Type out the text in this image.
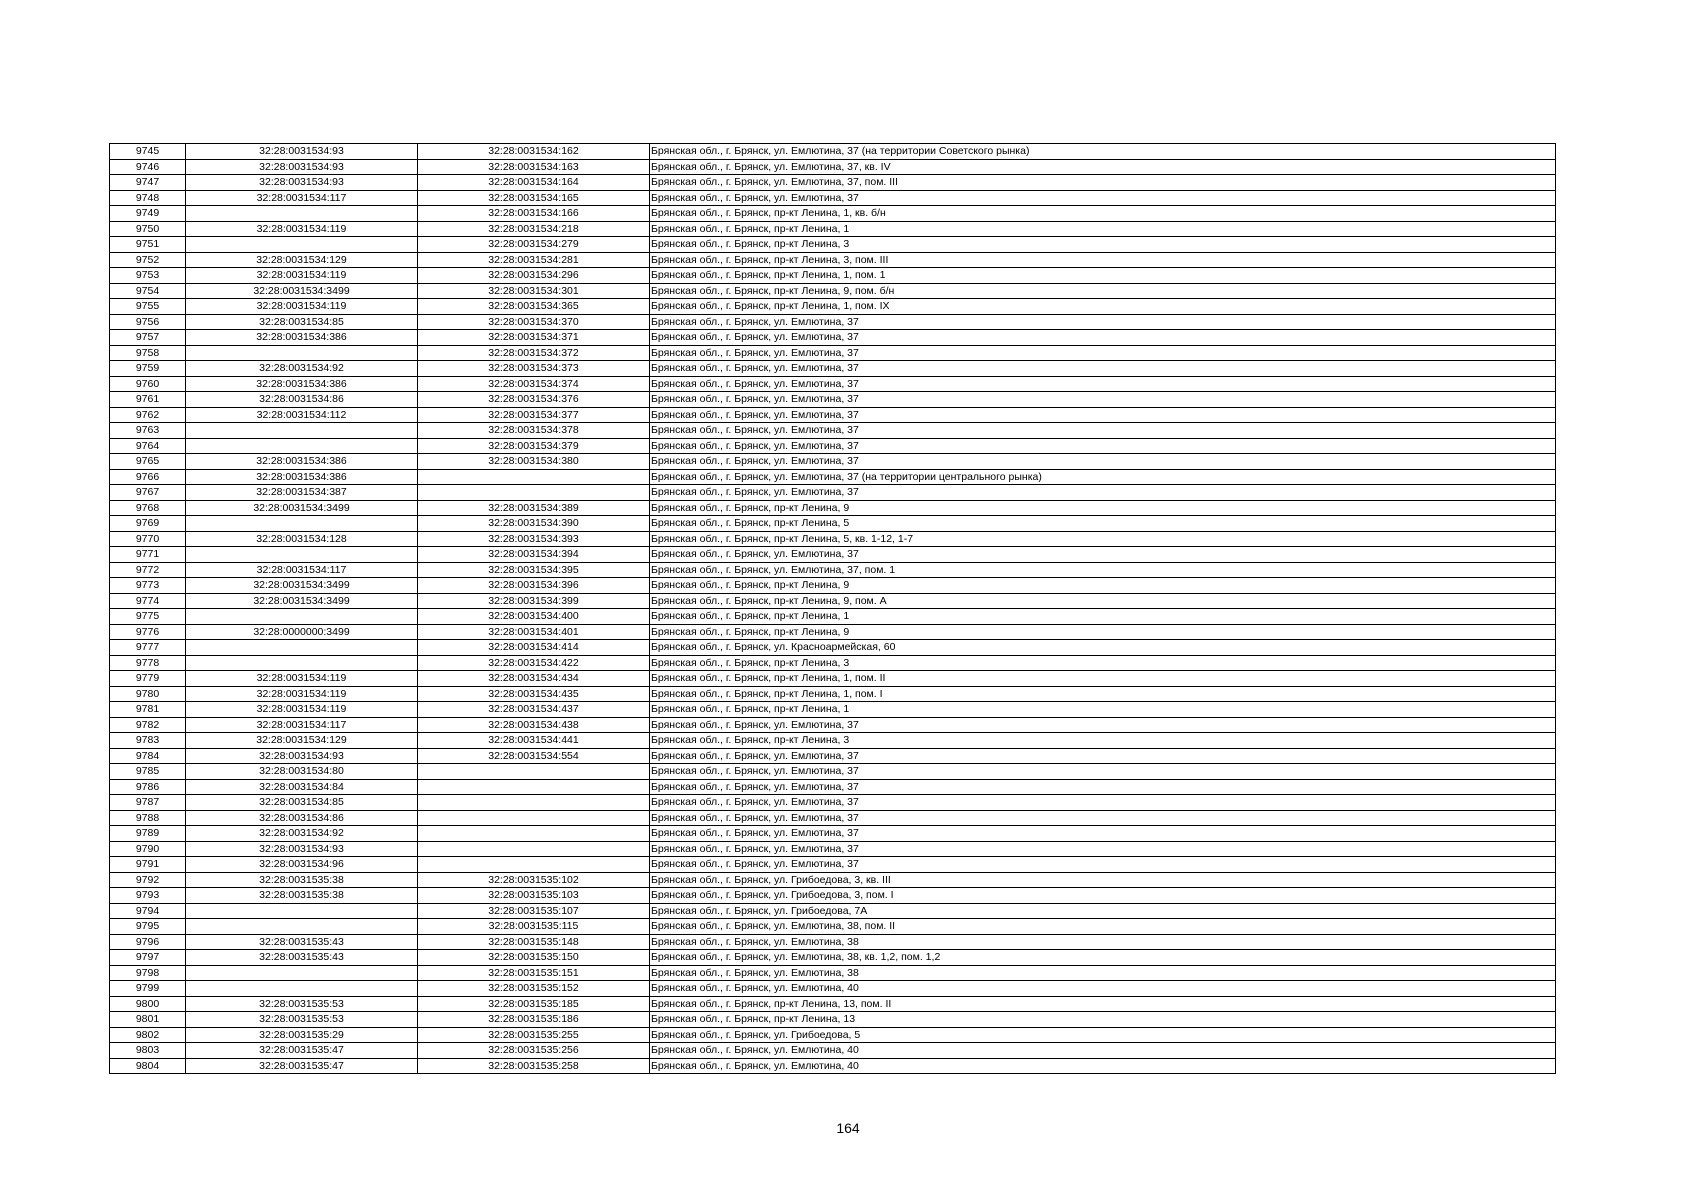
9745	32:28:0031534:93	32:28:0031534:162	Брянская обл., г. Брянск, ул. Емлютина, 37 (на территории Советского рынка)
9746	32:28:0031534:93	32:28:0031534:163	Брянская обл., г. Брянск, ул. Емлютина, 37, кв. IV
9747	32:28:0031534:93	32:28:0031534:164	Брянская обл., г. Брянск, ул. Емлютина, 37, пом. III
9748	32:28:0031534:117	32:28:0031534:165	Брянская обл., г. Брянск, ул. Емлютина, 37
9749		32:28:0031534:166	Брянская обл., г. Брянск, пр-кт Ленина, 1, кв. б/н
9750	32:28:0031534:119	32:28:0031534:218	Брянская обл., г. Брянск, пр-кт Ленина, 1
9751		32:28:0031534:279	Брянская обл., г. Брянск, пр-кт Ленина, 3
9752	32:28:0031534:129	32:28:0031534:281	Брянская обл., г. Брянск, пр-кт Ленина, 3, пом. III
9753	32:28:0031534:119	32:28:0031534:296	Брянская обл., г. Брянск, пр-кт Ленина, 1, пом. 1
9754	32:28:0031534:3499	32:28:0031534:301	Брянская обл., г. Брянск, пр-кт Ленина, 9, пом. б/н
9755	32:28:0031534:119	32:28:0031534:365	Брянская обл., г. Брянск, пр-кт Ленина, 1, пом. IX
9756	32:28:0031534:85	32:28:0031534:370	Брянская обл., г. Брянск, ул. Емлютина, 37
9757	32:28:0031534:386	32:28:0031534:371	Брянская обл., г. Брянск, ул. Емлютина, 37
9758		32:28:0031534:372	Брянская обл., г. Брянск, ул. Емлютина, 37
9759	32:28:0031534:92	32:28:0031534:373	Брянская обл., г. Брянск, ул. Емлютина, 37
9760	32:28:0031534:386	32:28:0031534:374	Брянская обл., г. Брянск, ул. Емлютина, 37
9761	32:28:0031534:86	32:28:0031534:376	Брянская обл., г. Брянск, ул. Емлютина, 37
9762	32:28:0031534:112	32:28:0031534:377	Брянская обл., г. Брянск, ул. Емлютина, 37
9763		32:28:0031534:378	Брянская обл., г. Брянск, ул. Емлютина, 37
9764		32:28:0031534:379	Брянская обл., г. Брянск, ул. Емлютина, 37
9765	32:28:0031534:386	32:28:0031534:380	Брянская обл., г. Брянск, ул. Емлютина, 37
9766	32:28:0031534:386		Брянская обл., г. Брянск, ул. Емлютина, 37 (на территории центрального рынка)
9767	32:28:0031534:387		Брянская обл., г. Брянск, ул. Емлютина, 37
9768	32:28:0031534:3499	32:28:0031534:389	Брянская обл., г. Брянск, пр-кт Ленина, 9
9769		32:28:0031534:390	Брянская обл., г. Брянск, пр-кт Ленина, 5
9770	32:28:0031534:128	32:28:0031534:393	Брянская обл., г. Брянск, пр-кт Ленина, 5, кв. 1-12, 1-7
9771		32:28:0031534:394	Брянская обл., г. Брянск, ул. Емлютина, 37
9772	32:28:0031534:117	32:28:0031534:395	Брянская обл., г. Брянск, ул. Емлютина, 37, пом. 1
9773	32:28:0031534:3499	32:28:0031534:396	Брянская обл., г. Брянск, пр-кт Ленина, 9
9774	32:28:0031534:3499	32:28:0031534:399	Брянская обл., г. Брянск, пр-кт Ленина, 9, пом. А
9775		32:28:0031534:400	Брянская обл., г. Брянск, пр-кт Ленина, 1
9776	32:28:0000000:3499	32:28:0031534:401	Брянская обл., г. Брянск, пр-кт Ленина, 9
9777		32:28:0031534:414	Брянская обл., г. Брянск, ул. Красноармейская, 60
9778		32:28:0031534:422	Брянская обл., г. Брянск, пр-кт Ленина, 3
9779	32:28:0031534:119	32:28:0031534:434	Брянская обл., г. Брянск, пр-кт Ленина, 1, пом. II
9780	32:28:0031534:119	32:28:0031534:435	Брянская обл., г. Брянск, пр-кт Ленина, 1, пом. I
9781	32:28:0031534:119	32:28:0031534:437	Брянская обл., г. Брянск, пр-кт Ленина, 1
9782	32:28:0031534:117	32:28:0031534:438	Брянская обл., г. Брянск, ул. Емлютина, 37
9783	32:28:0031534:129	32:28:0031534:441	Брянская обл., г. Брянск, пр-кт Ленина, 3
9784	32:28:0031534:93	32:28:0031534:554	Брянская обл., г. Брянск, ул. Емлютина, 37
9785	32:28:0031534:80		Брянская обл., г. Брянск, ул. Емлютина, 37
9786	32:28:0031534:84		Брянская обл., г. Брянск, ул. Емлютина, 37
9787	32:28:0031534:85		Брянская обл., г. Брянск, ул. Емлютина, 37
9788	32:28:0031534:86		Брянская обл., г. Брянск, ул. Емлютина, 37
9789	32:28:0031534:92		Брянская обл., г. Брянск, ул. Емлютина, 37
9790	32:28:0031534:93		Брянская обл., г. Брянск, ул. Емлютина, 37
9791	32:28:0031534:96		Брянская обл., г. Брянск, ул. Емлютина, 37
9792	32:28:0031535:38	32:28:0031535:102	Брянская обл., г. Брянск, ул. Грибоедова, 3, кв. III
9793	32:28:0031535:38	32:28:0031535:103	Брянская обл., г. Брянск, ул. Грибоедова, 3, пом. I
9794		32:28:0031535:107	Брянская обл., г. Брянск, ул. Грибоедова, 7А
9795		32:28:0031535:115	Брянская обл., г. Брянск, ул. Емлютина, 38, пом. II
9796	32:28:0031535:43	32:28:0031535:148	Брянская обл., г. Брянск, ул. Емлютина, 38
9797	32:28:0031535:43	32:28:0031535:150	Брянская обл., г. Брянск, ул. Емлютина, 38, кв. 1,2, пом. 1,2
9798		32:28:0031535:151	Брянская обл., г. Брянск, ул. Емлютина, 38
9799		32:28:0031535:152	Брянская обл., г. Брянск, ул. Емлютина, 40
9800	32:28:0031535:53	32:28:0031535:185	Брянская обл., г. Брянск, пр-кт Ленина, 13, пом. II
9801	32:28:0031535:53	32:28:0031535:186	Брянская обл., г. Брянск, пр-кт Ленина, 13
9802	32:28:0031535:29	32:28:0031535:255	Брянская обл., г. Брянск, ул. Грибоедова, 5
9803	32:28:0031535:47	32:28:0031535:256	Брянская обл., г. Брянск, ул. Емлютина, 40
9804	32:28:0031535:47	32:28:0031535:258	Брянская обл., г. Брянск, ул. Емлютина, 40
164
